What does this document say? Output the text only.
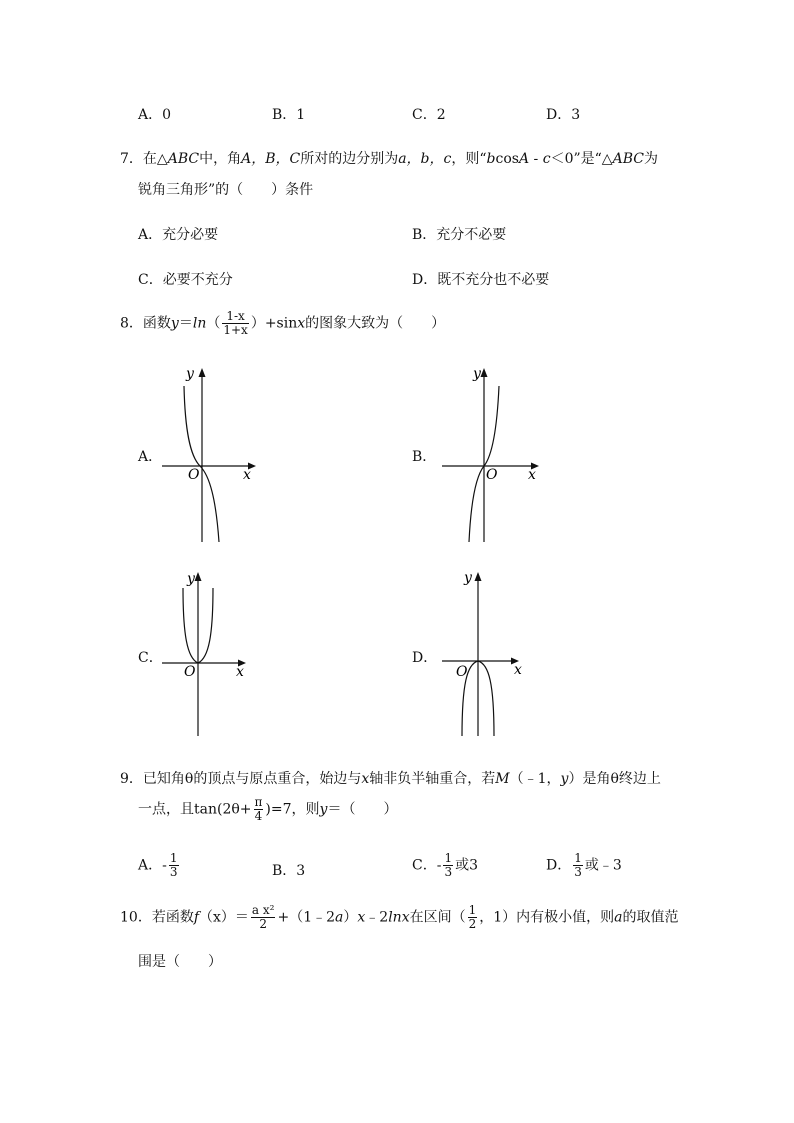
A．0	B．1	C．2	D．3
7．在△ABC中，角A，B，C所对的边分别为a，b，c，则“bcosA - c＜0”是“△ABC为
锐角三角形”的（　　）条件
A．充分必要	B．充分不必要
C．必要不充分	D．既不充分也不必要
8．函数$y=\ln( \frac{1-x}{1+x} )+\sin x$的图象大致为（　　）
A．
y
x
O
B．
y
x
O
C．
y
x
O
D．
y
x
O
9．已知角θ的顶点与原点重合，始边与x轴非负半轴重合，若M（﹣1，y）是角θ终边上
一点，且$\tan(2\theta+ \frac{\pi}{4} )=7$，则y＝（　　）
A．- $\frac{1}{3}$	B．3	C．- $\frac{1}{3}$ 或3	D． $\frac{1}{3}$ 或﹣3
10．若函数$f(x)= \frac{\text{a x²}}{2}$ +（1﹣2a）x﹣2lnx在区间（ $\frac{1}{2}$ ，1）内有极小值，则a的取值范
围是（　　）
